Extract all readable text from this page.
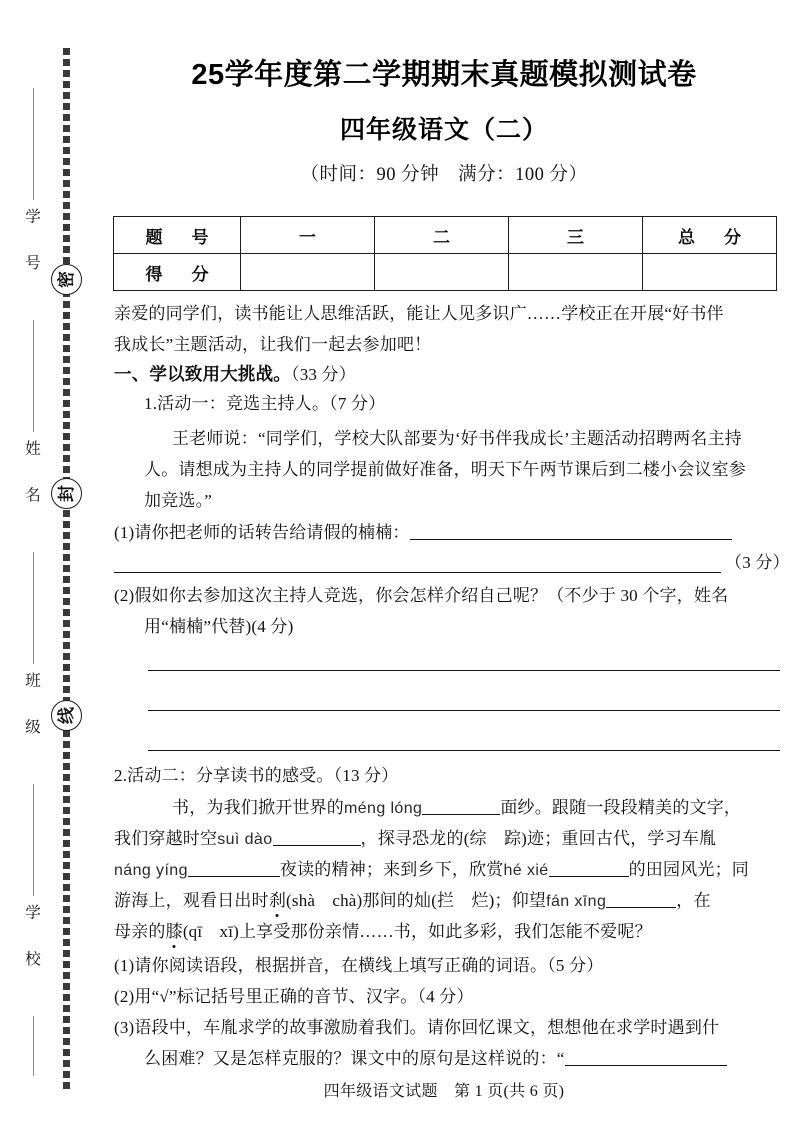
密
封
线
学 号
姓 名
班 级
学 校
25学年度第二学期期末真题模拟测试卷
四年级语文（二）
（时间：90 分钟　满分：100 分）
题　号	一	二	三	总　分
得　分				
亲爱的同学们，读书能让人思维活跃，能让人见多识广……学校正在开展“好书伴
我成长”主题活动，让我们一起去参加吧！
一、学以致用大挑战。（33 分）
1.活动一：竞选主持人。（7 分）
王老师说：“同学们，学校大队部要为‘好书伴我成长’主题活动招聘两名主持
人。请想成为主持人的同学提前做好准备，明天下午两节课后到二楼小会议室参
加竞选。”
(1)请你把老师的话转告给请假的楠楠：
（3 分）
(2)假如你去参加这次主持人竞选，你会怎样介绍自己呢？（不少于 30 个字，姓名
用“楠楠”代替)(4 分)
2.活动二：分享读书的感受。（13 分）
书，为我们掀开世界的méng lóng	面纱。跟随一段段精美的文字，
我们穿越时空suì dào	，探寻恐龙的(综　踪)迹；重回古代，学习车胤
náng yíng	夜读的精神；来到乡下，欣赏hé xié	的田园风光；同
游海上，观看日出时刹(shà　chà)那间的灿(拦　烂)；仰望fán xīng	，在
母亲的膝(qī　xī)上享受那份亲情……书，如此多彩，我们怎能不爱呢？
(1)请你阅读语段，根据拼音，在横线上填写正确的词语。（5 分）
(2)用“√”标记括号里正确的音节、汉字。（4 分）
(3)语段中，车胤求学的故事激励着我们。请你回忆课文，想想他在求学时遇到什
么困难？又是怎样克服的？课文中的原句是这样说的：“
四年级语文试题　第 1 页(共 6 页)
